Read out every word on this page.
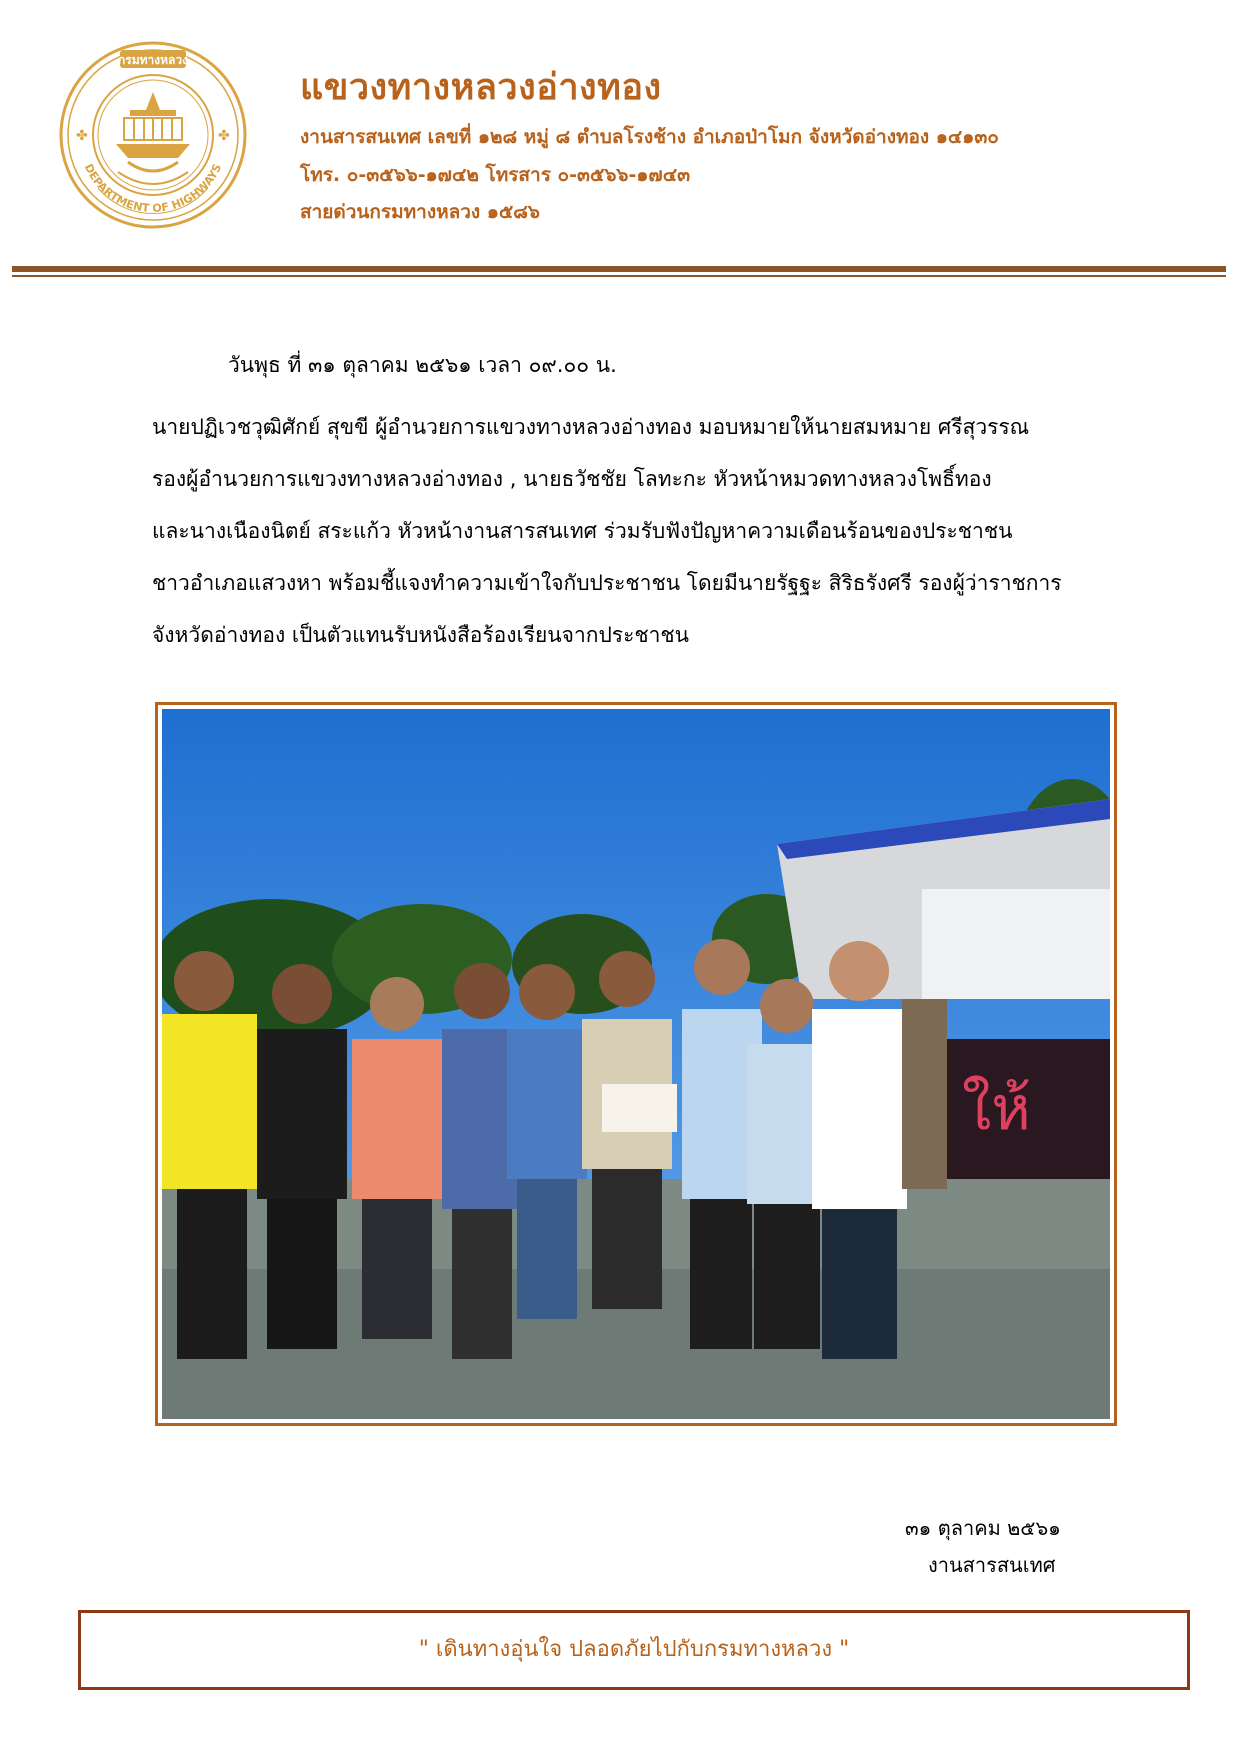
กรมทางหลวง
DEPARTMENT OF HIGHWAYS
✤	✤
แขวงทางหลวงอ่างทอง

งานสารสนเทศ เลขที่ ๑๒๘ หมู่ ๘ ตำบลโรงช้าง อำเภอป่าโมก จังหวัดอ่างทอง ๑๔๑๓๐

โทร. ๐-๓๕๖๖-๑๗๔๒ โทรสาร ๐-๓๕๖๖-๑๗๔๓

สายด่วนกรมทางหลวง ๑๕๘๖

วันพุธ ที่ ๓๑ ตุลาคม ๒๕๖๑ เวลา ๐๙.๐๐ น.

นายปฏิเวชวุฒิศักย์ สุขขี ผู้อำนวยการแขวงทางหลวงอ่างทอง มอบหมายให้นายสมหมาย ศรีสุวรรณ
รองผู้อำนวยการแขวงทางหลวงอ่างทอง , นายธวัชชัย โลทะกะ หัวหน้าหมวดทางหลวงโพธิ์ทอง
และนางเนืองนิตย์ สระแก้ว หัวหน้างานสารสนเทศ ร่วมรับฟังปัญหาความเดือนร้อนของประชาชน
ชาวอำเภอแสวงหา พร้อมชี้แจงทำความเข้าใจกับประชาชน โดยมีนายรัฐฐะ สิริธรังศรี รองผู้ว่าราชการ
จังหวัดอ่างทอง เป็นตัวแทนรับหนังสือร้องเรียนจากประชาชน
ให้
๓๑ ตุลาคม ๒๕๖๑
งานสารสนเทศ
" เดินทางอุ่นใจ ปลอดภัยไปกับกรมทางหลวง "
